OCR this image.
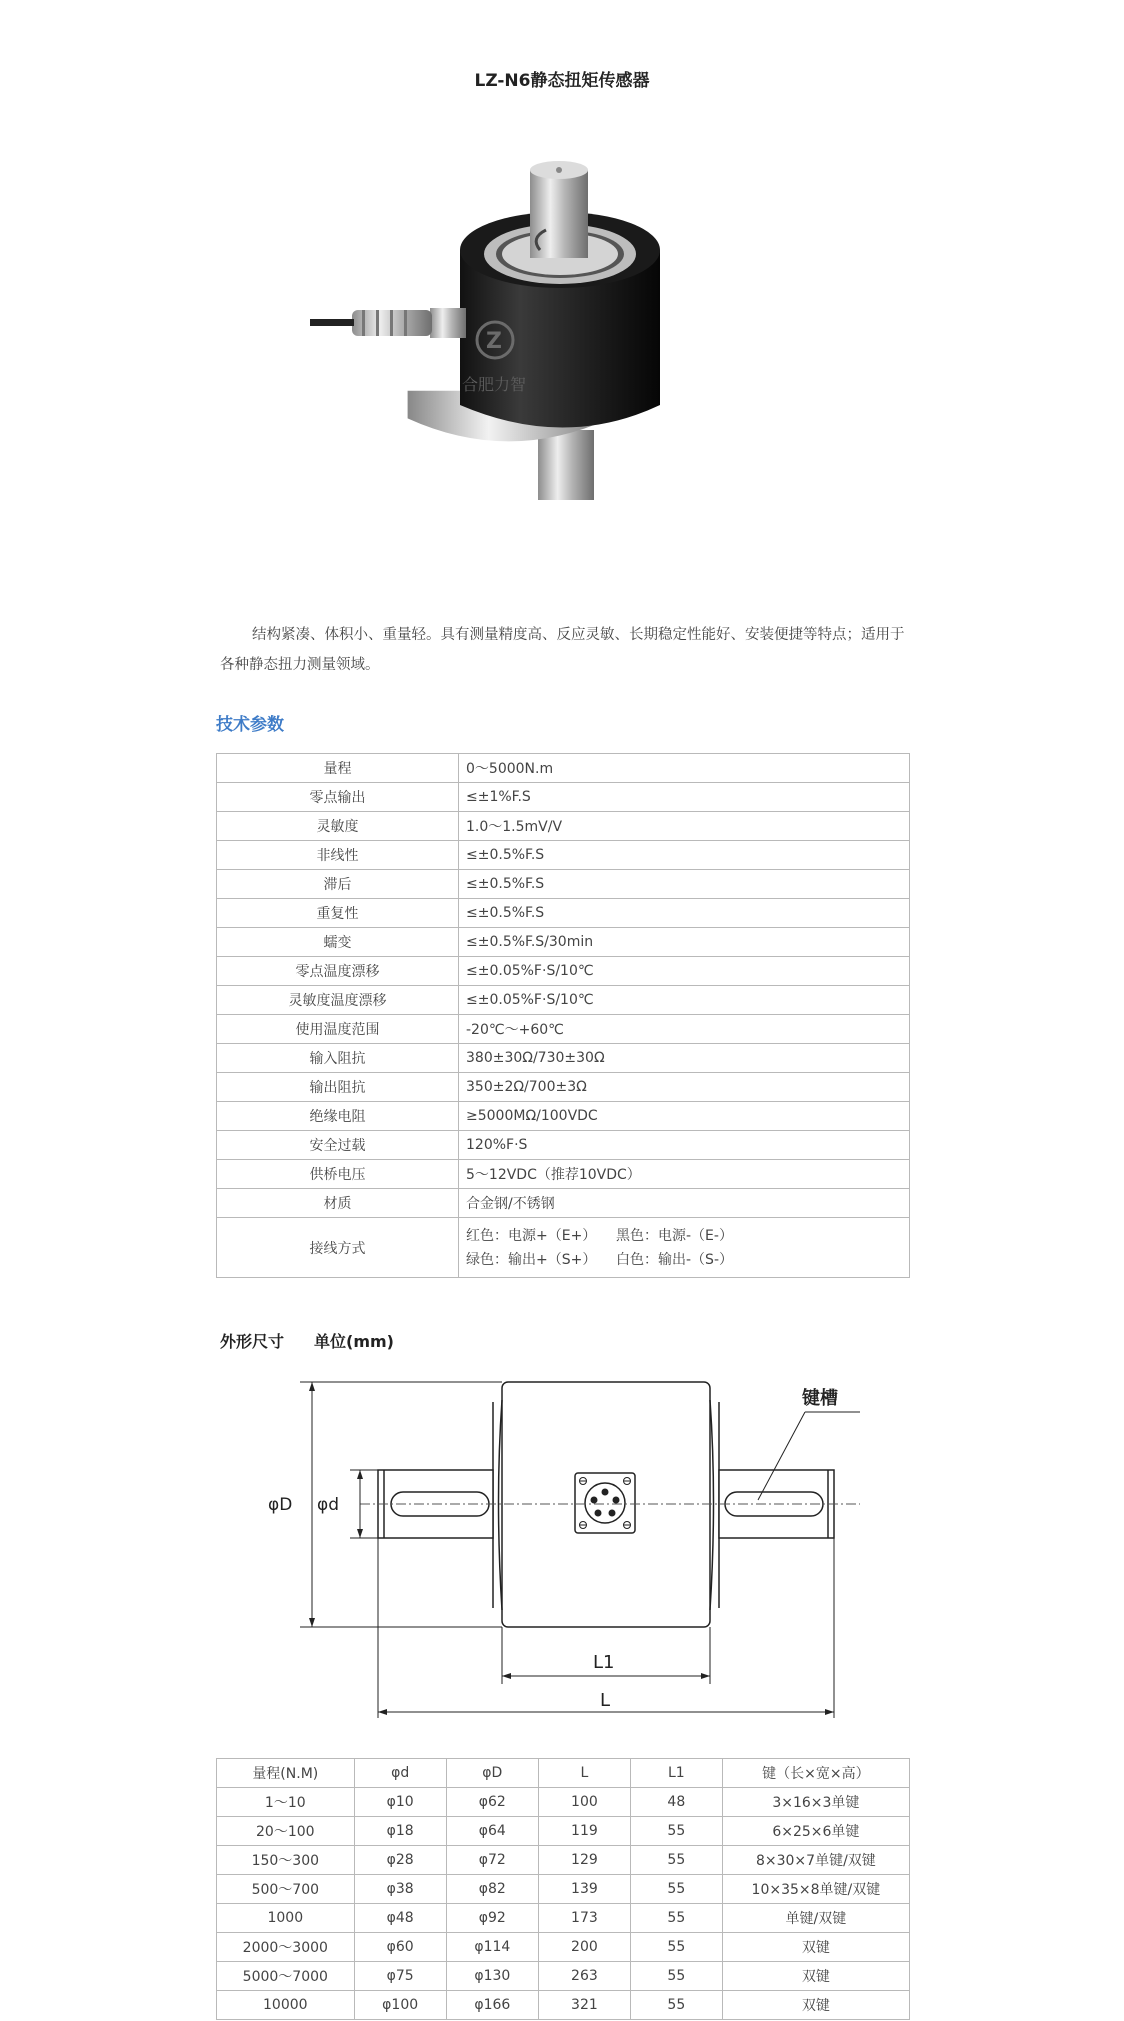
LZ-N6静态扭矩传感器
Z
合肥力智
结构紧凑、体积小、重量轻。具有测量精度高、反应灵敏、长期稳定性能好、安装便捷等特点；适用于各种静态扭力测量领域。
技术参数
量程	0～5000N.m
零点输出	≤±1%F.S
灵敏度	1.0～1.5mV/V
非线性	≤±0.5%F.S
滞后	≤±0.5%F.S
重复性	≤±0.5%F.S
蠕变	≤±0.5%F.S/30min
零点温度漂移	≤±0.05%F·S/10℃
灵敏度温度漂移	≤±0.05%F·S/10℃
使用温度范围	-20℃～+60℃
输入阻抗	380±30Ω/730±30Ω
输出阻抗	350±2Ω/700±3Ω
绝缘电阻	≥5000MΩ/100VDC
安全过载	120%F·S
供桥电压	5～12VDC（推荐10VDC）
材质	合金钢/不锈钢
接线方式	红色：电源+（E+） 黑色：电源-（E-）
绿色：输出+（S+） 白色：输出-（S-）
外形尺寸 单位(mm)
φD φd
L1
L
键槽
量程(N.M)	φd	φD	L	L1	键（长×宽×高）
1～10	φ10	φ62	100	48	3×16×3单键
20～100	φ18	φ64	119	55	6×25×6单键
150～300	φ28	φ72	129	55	8×30×7单键/双键
500～700	φ38	φ82	139	55	10×35×8单键/双键
1000	φ48	φ92	173	55	单键/双键
2000～3000	φ60	φ114	200	55	双键
5000～7000	φ75	φ130	263	55	双键
10000	φ100	φ166	321	55	双键
